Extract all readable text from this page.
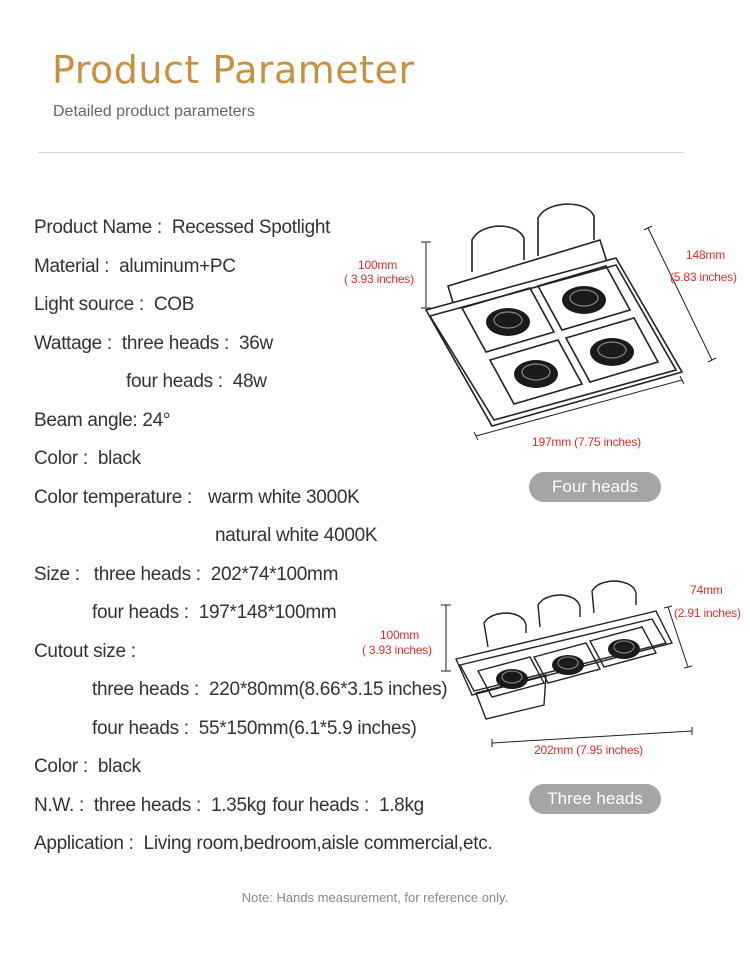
Product Parameter
Detailed product parameters
Product Name : Recessed Spotlight
Material : aluminum+PC
Light source : COB
Wattage : three heads : 36w
four heads : 48w
Beam angle: 24°
Color : black
Color temperature : warm white 3000K
natural white 4000K
Size : three heads : 202*74*100mm
four heads : 197*148*100mm
Cutout size :
three heads : 220*80mm(8.66*3.15 inches)
four heads : 55*150mm(6.1*5.9 inches)
Color : black
N.W. : three heads : 1.35kg four heads : 1.8kg
Application : Living room,bedroom,aisle commercial,etc.
100mm
( 3.93 inches)
148mm
(5.83 inches)
197mm (7.75 inches)
Four heads
100mm
( 3.93 inches)
74mm
(2.91 inches)
202mm (7.95 inches)
Three heads
Note: Hands measurement, for reference only.
